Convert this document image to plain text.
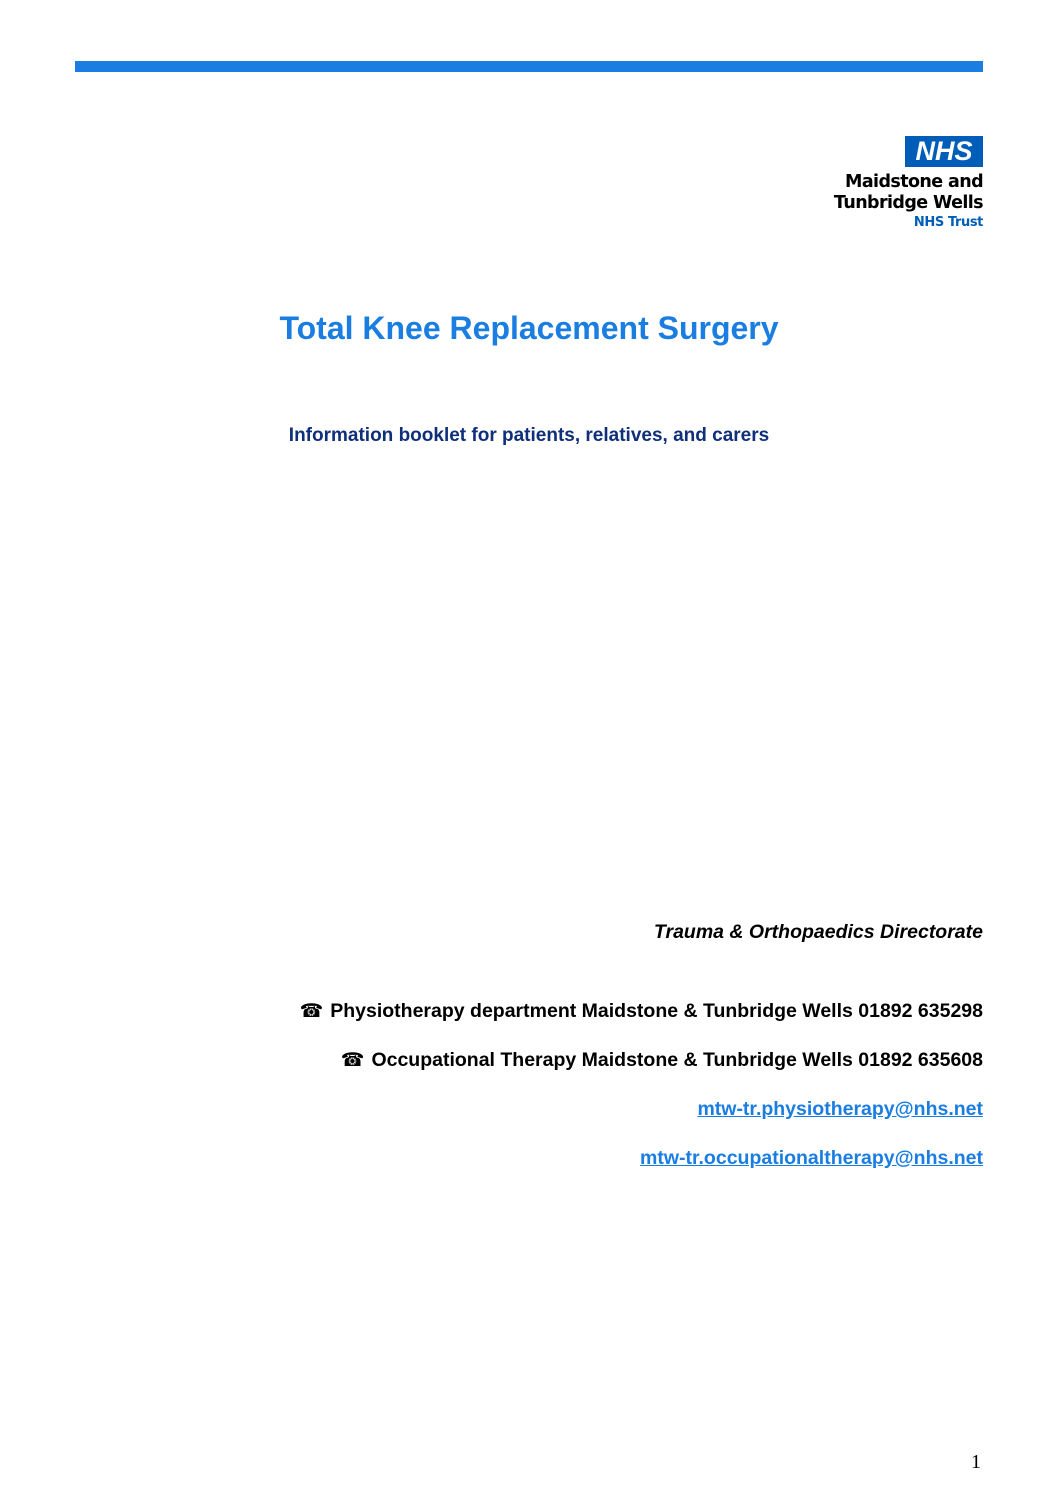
NHS
Maidstone and
Tunbridge Wells
NHS Trust
Total Knee Replacement Surgery
Information booklet for patients, relatives, and carers
Trauma & Orthopaedics Directorate
☎ Physiotherapy department Maidstone & Tunbridge Wells 01892 635298
☎ Occupational Therapy Maidstone & Tunbridge Wells 01892 635608
mtw-tr.physiotherapy@nhs.net
mtw-tr.occupationaltherapy@nhs.net
1
